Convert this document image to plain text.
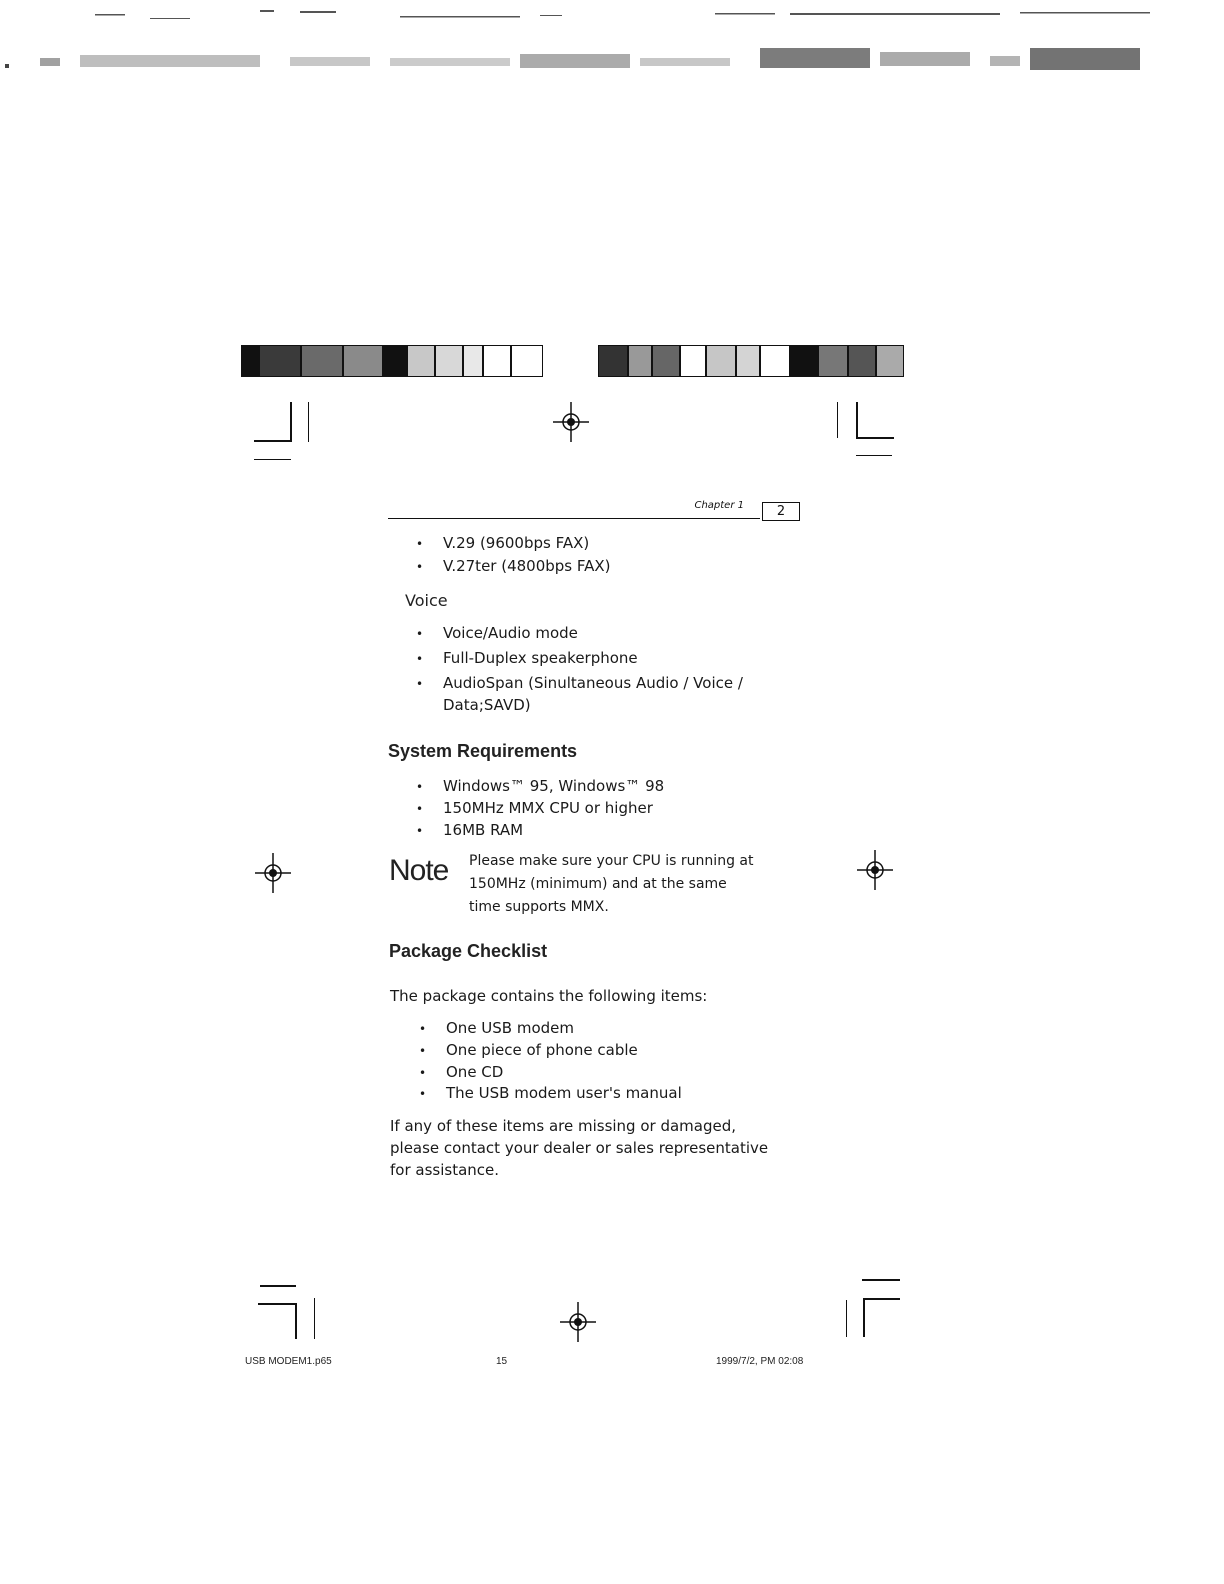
Chapter 1	2
• V.29 (9600bps FAX)
• V.27ter (4800bps FAX)
Voice
• Voice/Audio mode
• Full-Duplex speakerphone
• AudioSpan (Sinultaneous Audio / Voice /
Data;SAVD)
System Requirements
• Windows™ 95, Windows™ 98
• 150MHz MMX CPU or higher
• 16MB RAM
Note Please make sure your CPU is running at
150MHz (minimum) and at the same
time supports MMX.
Package Checklist
The package contains the following items:
• One USB modem
• One piece of phone cable
• One CD
• The USB modem user's manual
If any of these items are missing or damaged,
please contact your dealer or sales representative
for assistance.
USB MODEM1.p65	15	1999/7/2, PM 02:08
